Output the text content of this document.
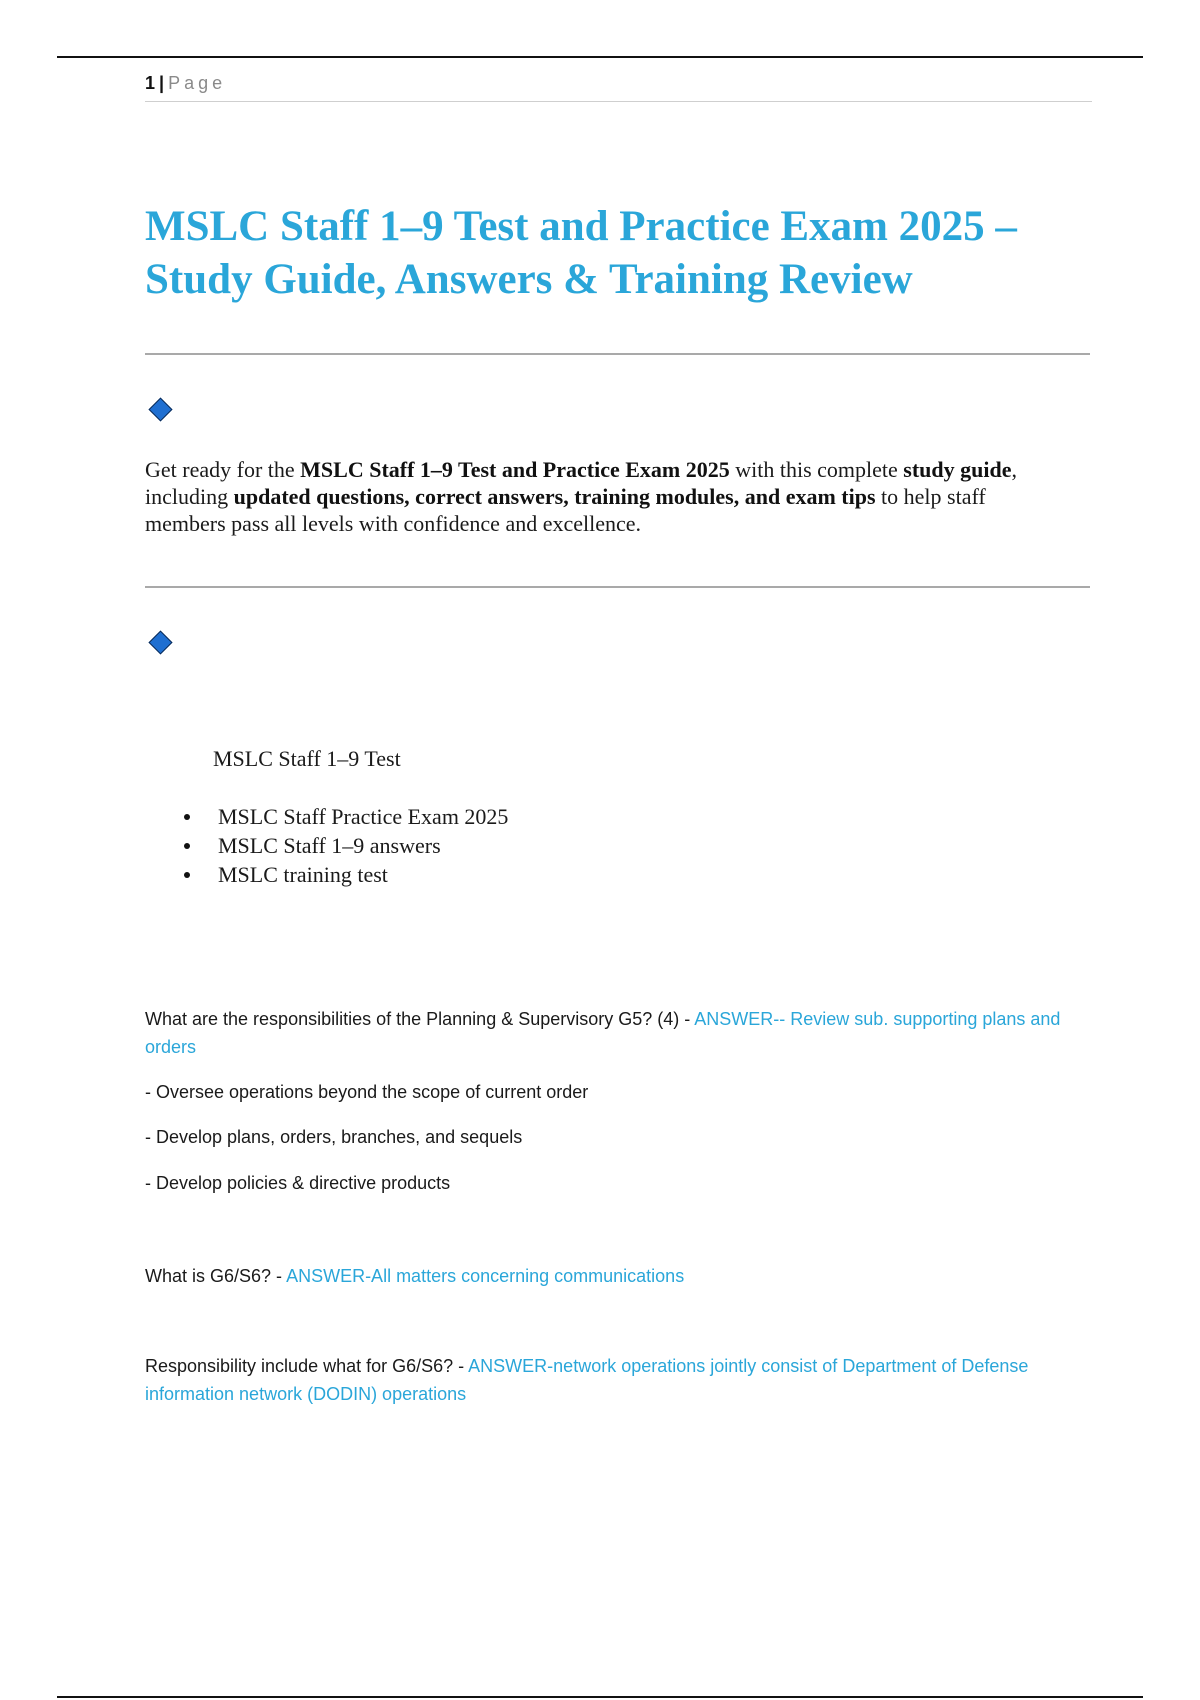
1 | Page
MSLC Staff 1–9 Test and Practice Exam 2025 – Study Guide, Answers & Training Review

Get ready for the MSLC Staff 1–9 Test and Practice Exam 2025 with this complete study guide, including updated questions, correct answers, training modules, and exam tips to help staff members pass all levels with confidence and excellence.

MSLC Staff 1–9 Test

MSLC Staff Practice Exam 2025
MSLC Staff 1–9 answers
MSLC training test

What are the responsibilities of the Planning & Supervisory G5? (4) - ANSWER-- Review sub. supporting plans and orders

- Oversee operations beyond the scope of current order

- Develop plans, orders, branches, and sequels

- Develop policies & directive products

What is G6/S6? - ANSWER-All matters concerning communications

Responsibility include what for G6/S6? - ANSWER-network operations jointly consist of Department of Defense information network (DODIN) operations
